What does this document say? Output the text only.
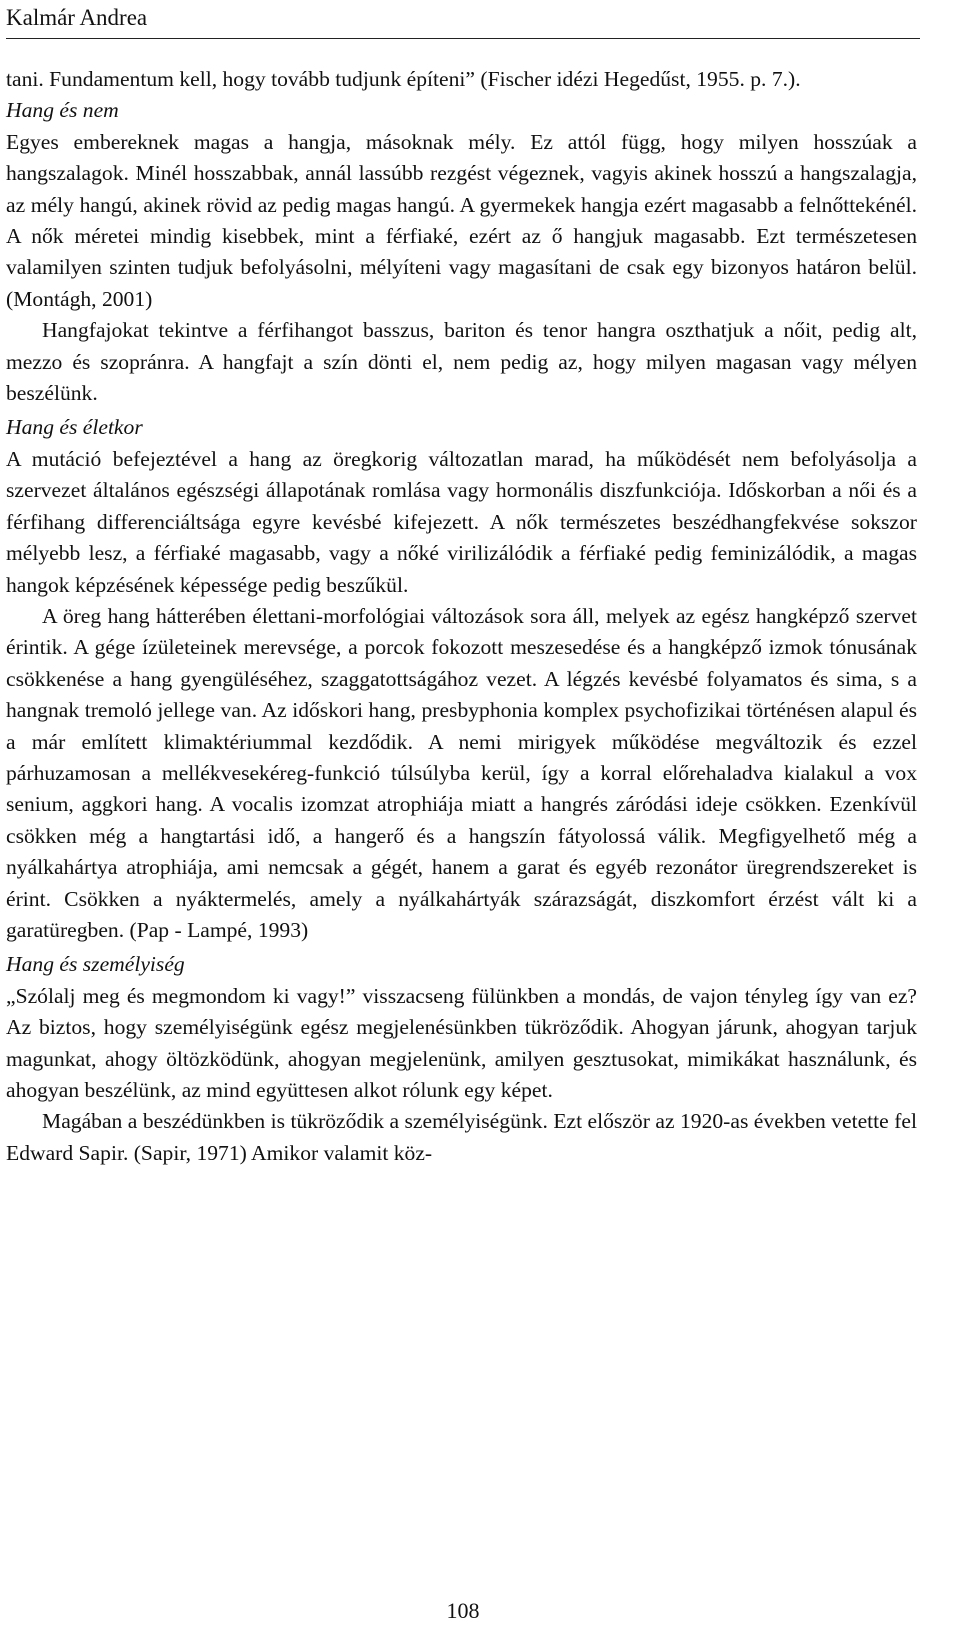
Kalmár Andrea

tani. Fundamentum kell, hogy tovább tudjunk építeni” (Fischer idézi Hegedűst, 1955. p. 7.).

Hang és nem

Egyes embereknek magas a hangja, másoknak mély. Ez attól függ, hogy milyen hosszúak a hangszalagok. Minél hosszabbak, annál lassúbb rezgést végeznek, vagyis akinek hosszú a hangszalagja, az mély hangú, akinek rövid az pedig magas hangú. A gyermekek hangja ezért magasabb a felnőttekénél. A nők méretei mindig kisebbek, mint a férfiaké, ezért az ő hangjuk magasabb. Ezt természetesen valamilyen szinten tudjuk befolyásolni, mélyíteni vagy magasítani de csak egy bizonyos határon belül. (Montágh, 2001)

Hangfajokat tekintve a férfihangot basszus, bariton és tenor hangra oszthatjuk a nőit, pedig alt, mezzo és szopránra. A hangfajt a szín dönti el, nem pedig az, hogy milyen magasan vagy mélyen beszélünk.

Hang és életkor

A mutáció befejeztével a hang az öregkorig változatlan marad, ha működését nem befolyásolja a szervezet általános egészségi állapotának romlása vagy hormonális diszfunkciója. Időskorban a női és a férfihang differenciáltsága egyre kevésbé kifejezett. A nők természetes beszédhangfekvése sokszor mélyebb lesz, a férfiaké magasabb, vagy a nőké virilizálódik a férfiaké pedig feminizálódik, a magas hangok képzésének képessége pedig beszűkül.

A öreg hang hátterében élettani-morfológiai változások sora áll, melyek az egész hangképző szervet érintik. A gége ízületeinek merevsége, a porcok fokozott meszesedése és a hangképző izmok tónusának csökkenése a hang gyengüléséhez, szaggatottságához vezet. A légzés kevésbé folyamatos és sima, s a hangnak tremoló jellege van. Az időskori hang, presbyphonia komplex psychofizikai történésen alapul és a már említett klimaktériummal kezdődik. A nemi mirigyek működése megváltozik és ezzel párhuzamosan a mellékvesekéreg-funkció túlsúlyba kerül, így a korral előrehaladva kialakul a vox senium, aggkori hang. A vocalis izomzat atrophiája miatt a hangrés záródási ideje csökken. Ezenkívül csökken még a hangtartási idő, a hangerő és a hangszín fátyolossá válik. Megfigyelhető még a nyálkahártya atrophiája, ami nemcsak a gégét, hanem a garat és egyéb rezonátor üregrendszereket is érint. Csökken a nyáktermelés, amely a nyálkahártyák szárazságát, diszkomfort érzést vált ki a garatüregben. (Pap - Lampé, 1993)

Hang és személyiség

„Szólalj meg és megmondom ki vagy!” visszacseng fülünkben a mondás, de vajon tényleg így van ez? Az biztos, hogy személyiségünk egész megjelenésünkben tükröződik. Ahogyan járunk, ahogyan tarjuk magunkat, ahogy öltözködünk, ahogyan megjelenünk, amilyen gesztusokat, mimikákat használunk, és ahogyan beszélünk, az mind együttesen alkot rólunk egy képet.

Magában a beszédünkben is tükröződik a személyiségünk. Ezt először az 1920-as években vetette fel Edward Sapir. (Sapir, 1971) Amikor valamit köz-

108
